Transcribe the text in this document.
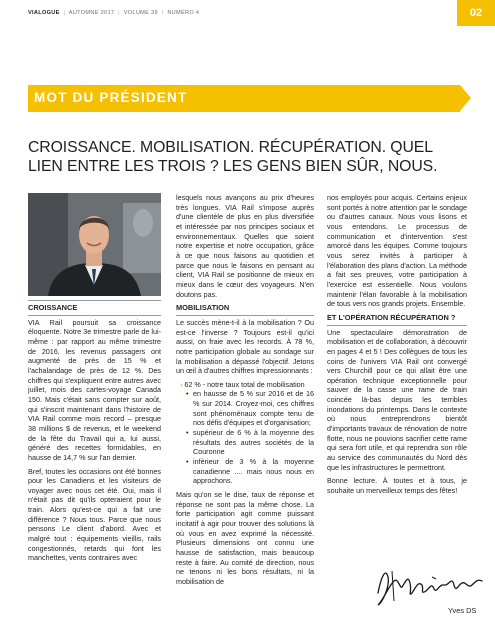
VIALOGUE | AUTOMNE 2017 | VOLUME 39 | NUMÉRO 4	02
MOT DU PRÉSIDENT
CROISSANCE. MOBILISATION. RÉCUPÉRATION. QUEL LIEN ENTRE LES TROIS ? LES GENS BIEN SÛR, NOUS.
CROISSANCE

VIA Rail poursuit sa croissance éloquente. Notre 3e trimestre parle de lui-même : par rapport au même trimestre de 2016, les revenus passagers ont augmenté de près de 15 % et l'achalandage de près de 12 %. Des chiffres qui s'expliquent entre autres avec juillet, mois des cartes-voyage Canada 150. Mais c'était sans compter sur août, qui s'inscrit maintenant dans l'histoire de VIA Rail comme mois record – presque 38 millions $ de revenus, et le weekend de la fête du Travail qui a, lui aussi, généré des recettes formidables, en hausse de 14,7 % sur l'an dernier.

Bref, toutes les occasions ont été bonnes pour les Canadiens et les visiteurs de voyager avec nous cet été. Oui, mais il n'était pas dit qu'ils opteraient pour le train. Alors qu'est-ce qui a fait une différence ? Nous tous. Parce que nous pensons Le client d'abord. Avec et malgré tout : équipements vieillis, rails congestionnés, retards qui font les manchettes, vents contraires avec

lesquels nous avançons au prix d'heures très longues. VIA Rail s'impose auprès d'une clientèle de plus en plus diversifiée et intéressée par nos principes sociaux et environnementaux. Quelles que soient notre expertise et notre occupation, grâce à ce que nous faisons au quotidien et parce que nous le faisons en pensant au client, VIA Rail se positionne de mieux en mieux dans le cœur des voyageurs. N'en doutons pas.

MOBILISATION

Le succès mène-t-il à la mobilisation ? Ou est-ce l'inverse ? Toujours est-il qu'ici aussi, on fraie avec les records. À 78 %, notre participation globale au sondage sur la mobilisation a dépassé l'objectif. Jetons un œil à d'autres chiffres impressionnants :

› 62 % - notre taux total de mobilisation
• en hausse de 5 % sur 2016 et de 16 % sur 2014. Croyez-moi, ces chiffres sont phénoménaux compte tenu de nos défis d'équipes et d'organisation;
• supérieur de 6 % à la moyenne des résultats des autres sociétés de la Couronne
• inférieur de 3 % à la moyenne canadienne .... mais nous nous en approchons.

Mais qu'on se le dise, taux de réponse et réponse ne sont pas la même chose. La forte participation agit comme puissant incitatif à agir pour trouver des solutions là où vous en avez exprimé la nécessité. Plusieurs dimensions ont connu une hausse de satisfaction, mais beaucoup reste à faire. Au comité de direction, nous ne tenons ni les bons résultats, ni la mobilisation de

nos employés pour acquis. Certains enjeux sont portés à notre attention par le sondage ou d'autres canaux. Nous vous lisons et vous entendons. Le processus de communication et d'intervention s'est amorcé dans les équipes. Comme toujours vous serez invités à participer à l'élaboration des plans d'action. La méthode a fait ses preuves, votre participation à l'exercice est essentielle. Nous voulons maintenir l'élan favorable à la mobilisation de tous vers nos grands projets. Ensemble.

ET L'OPÉRATION RÉCUPÉRATION ?

Une spectaculaire démonstration de mobilisation et de collaboration, à découvrir en pages 4 et 5 ! Des collègues de tous les coins de l'univers VIA Rail ont convergé vers Churchill pour ce qui allait être une opération technique exceptionnelle pour sauver de la casse une rame de train coincée là-bas depuis les terribles inondations du printemps. Dans le contexte où nous entreprendrons bientôt d'importants travaux de rénovation de notre flotte, nous ne pouvions sacrifier cette rame qui sera fort utile, et qui reprendra son rôle au service des communautés du Nord dès que les infrastructures le permettront.

Bonne lecture. À toutes et à tous, je souhaite un merveilleux temps des fêtes!

Yves DS
